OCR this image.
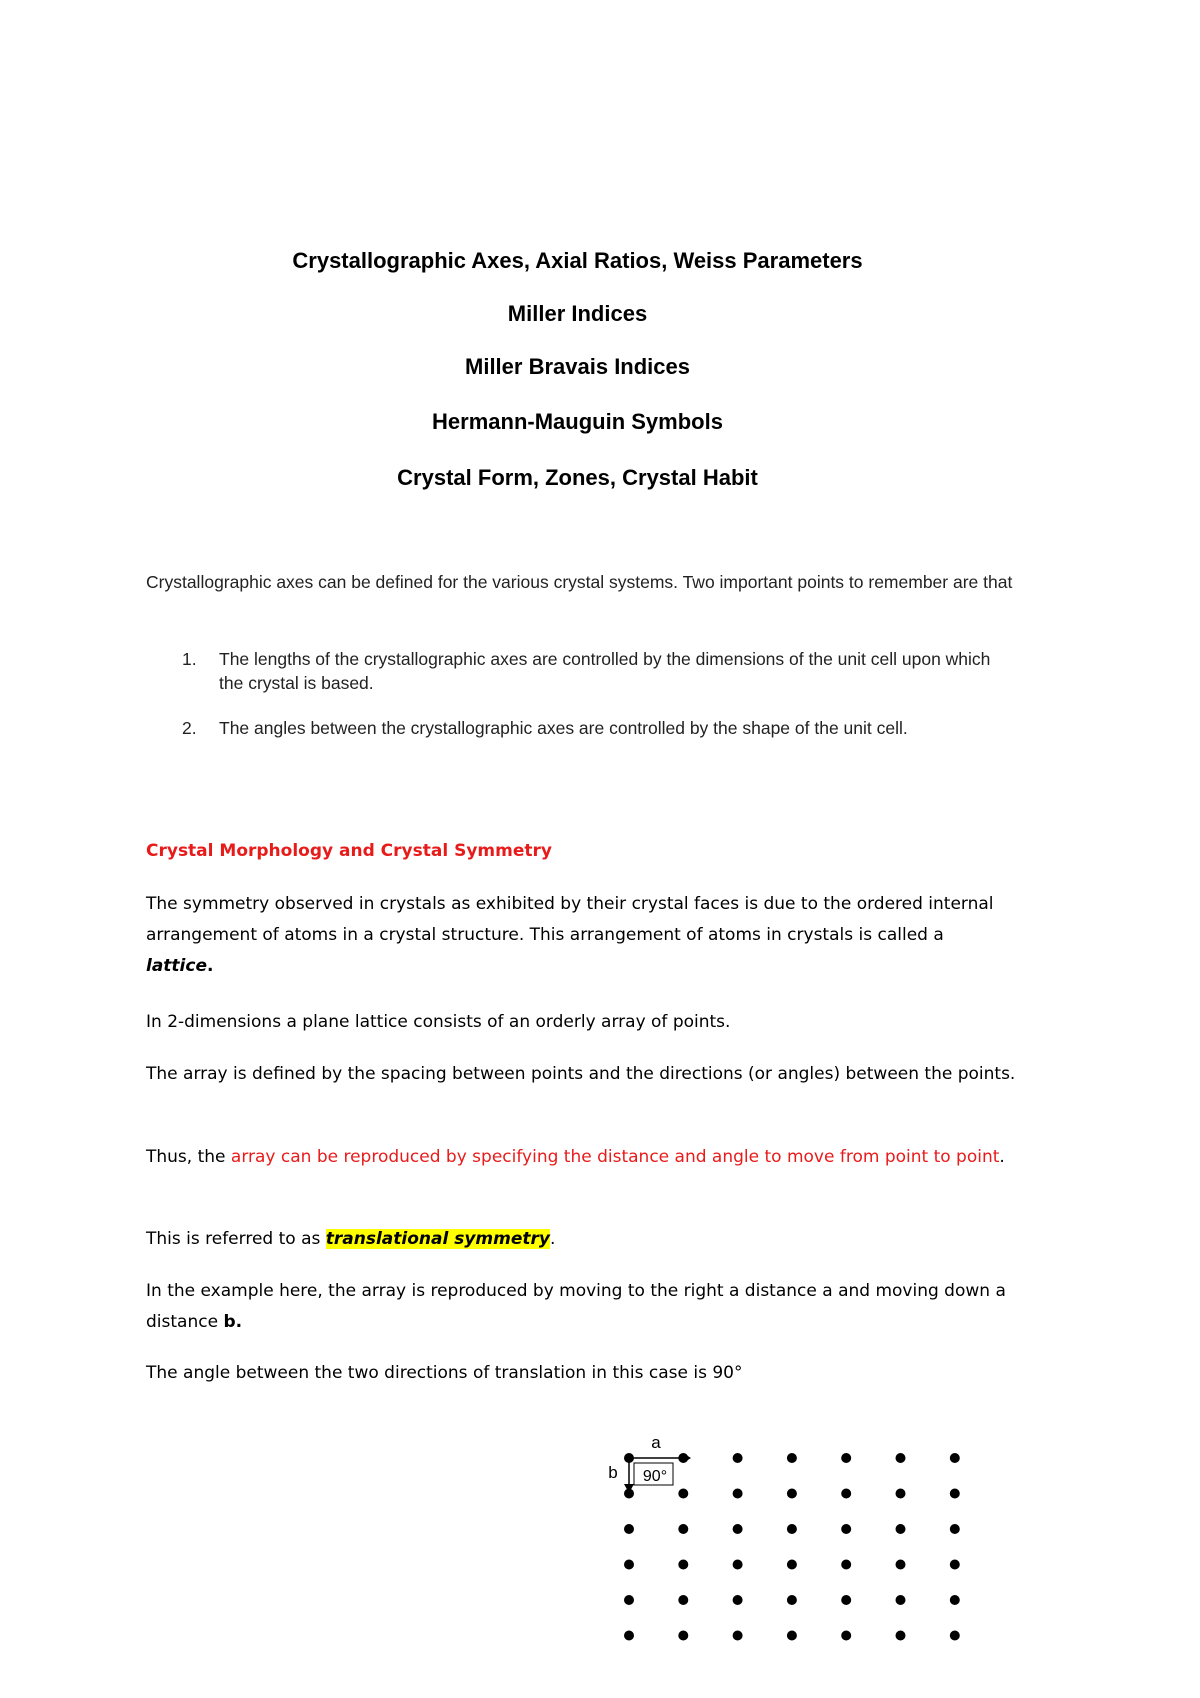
Crystallographic Axes, Axial Ratios, Weiss Parameters
Miller Indices
Miller Bravais Indices
Hermann-Mauguin Symbols
Crystal Form, Zones, Crystal Habit
Crystallographic axes can be defined for the various crystal systems. Two important points to remember are that
1. The lengths of the crystallographic axes are controlled by the dimensions of the unit cell upon which the crystal is based.
2. The angles between the crystallographic axes are controlled by the shape of the unit cell.
Crystal Morphology and Crystal Symmetry
The symmetry observed in crystals as exhibited by their crystal faces is due to the ordered internal arrangement of atoms in a crystal structure. This arrangement of atoms in crystals is called a lattice.
In 2-dimensions a plane lattice consists of an orderly array of points.
The array is defined by the spacing between points and the directions (or angles) between the points.
Thus, the array can be reproduced by specifying the distance and angle to move from point to point.
This is referred to as translational symmetry.
In the example here, the array is reproduced by moving to the right a distance a and moving down a distance b.
The angle between the two directions of translation in this case is 90°
a
b 90°
